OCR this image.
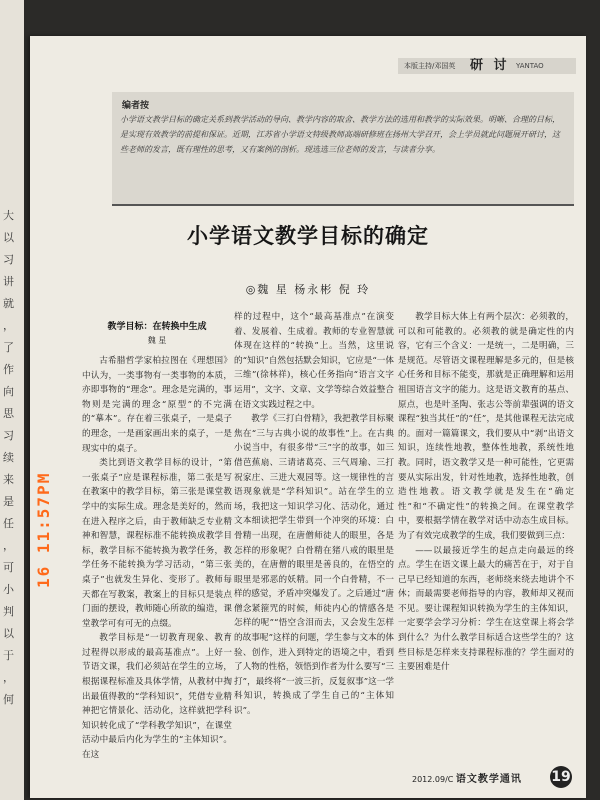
大
以
习
讲
就
，
了
作
向
思
习
续
来
是
任
，
可
小
判
以
于
，
何
本版主持/邓国英 研 讨 YANTAO
编者按
小学语文教学目标的确定关系到教学活动的导向、教学内容的取舍、教学方法的选用和教学的实际效果。明晰、合理的目标，是实现有效教学的前提和保证。近期，江苏省小学语文特级教师高端研修班在扬州大学召开，会上学员就此问题展开研讨，这些老师的发言，既有理性的思考，又有案例的剖析。现选选三位老师的发言，与读者分享。
小学语文教学目标的确定
◎魏 星 杨永彬 倪 玲
教学目标：在转换中生成
魏 星

古希腊哲学家柏拉图在《理想国》中认为，一类事物有一类事物的本质，亦即事物的“理念”。理念是完满的，事物则是完满的理念“原型”的不完满的“摹本”。存在着三张桌子，一是桌子的理念，一是画家画出来的桌子，一是现实中的桌子。

类比到语文教学目标的设计，“第一张桌子”应是课程标准，第二张是写在教案中的教学目标，第三张是课堂教学中的实际生成。理念是美好的，然而在进入程序之后，由于教师缺乏专业精神和智慧，课程标准不能转换成教学目标，教学目标不能转换为教学任务，教学任务不能转换为学习活动，“第三张桌子”也就发生异化、变形了。教师每天都在写教案，教案上的目标只是装点门面的摆设，教师随心所欲的编造，课堂教学可有可无的点缀。

教学目标是“一切教育现象、教育过程得以形成的最高基准点”。上好一节语文课，我们必须站在学生的立场，根据课程标准及具体学情，从教材中掏出最值得教的“学科知识”，凭借专业精神把它情景化、活动化，这样就把学科知识转化成了“学科教学知识”，在课堂活动中最后内化为学生的“主体知识”。在这

样的过程中，这个“最高基准点”在演变着、发展着、生成着。教师的专业智慧就体现在这样的“转换”上。当然，这里说的“知识”自然包括默会知识，它应是“一体三维”(徐林祥)，核心任务指向“语言文字运用”，文字、文章、文学等综合效益整合在语文实践过程之中。

教学《三打白骨精》，我把教学目标聚焦在“三与古典小说的故事性”上。在古典小说当中，有很多带“三”字的故事，如三借芭蕉扇、三请诸葛亮、三气周瑜、三打祝家庄、三进大观园等。这一规律性的言语现象就是“学科知识”。站在学生的立场，我把这一知识学习化、活动化，通过文本细读把学生带到一个冲突的环境：白骨精一出现，在唐僧师徒人的眼里，各是怎样的形象呢？白骨精在猪八戒的眼里是美的，在唐僧的眼里是善良的，在悟空的眼里是邪恶的妖精。同一个白骨精，不一样的感觉，矛盾冲突爆发了。之后通过“唐僧念紧箍咒的时候，师徒内心的情感各是怎样的呢”“悟空含泪而去，又会发生怎样的故事呢”这样的问题，学生参与文本的体验、创作，进入到特定的语境之中，看到了人物的性格，领悟到作者为什么要写“三打”，最终将“一波三折，反复叙事”这一学科知识，转换成了学生自己的“主体知识”。

教学目标大体上有两个层次：必须教的，可以和可能教的。必须教的就是确定性的内容，它有三个含义：一是统一，二是明确，三是规范。尽管语文课程理解是多元的，但是核心任务和目标不能变，那就是正确理解和运用祖国语言文字的能力。这是语文教育的基点、原点，也是叶圣陶、张志公等前辈强调的语文课程“独当其任”的“任”，是其他课程无法完成的。面对一篇篇课文，我们要从中“剥”出语文知识，连续性地教，整体性地教，系统性地教。同时，语文教学又是一种可能性，它更需要从实际出发，针对性地教，选择性地教，创造性地教。语文教学就是发生在“确定性”和“不确定性”的转换之间。在课堂教学中，要根据学情在教学对话中动态生成目标。为了有效完成教学的生成，我们要做到三点：

——以最接近学生的起点走向最远的终点。学生在语文课上最大的痛苦在于，对于自己早已经知道的东西，老师绕来绕去地讲个不休；而最需要老师指导的内容，教师却又视而不见。要让课程知识转换为学生的主体知识，一定要学会学习分析：学生在这堂课上将会学到什么？为什么教学目标适合这些学生的？这些目标是怎样来支持课程标准的？学生面对的主要困难是什

2012.09/C 语文教学通讯 19
16 11:57PM
